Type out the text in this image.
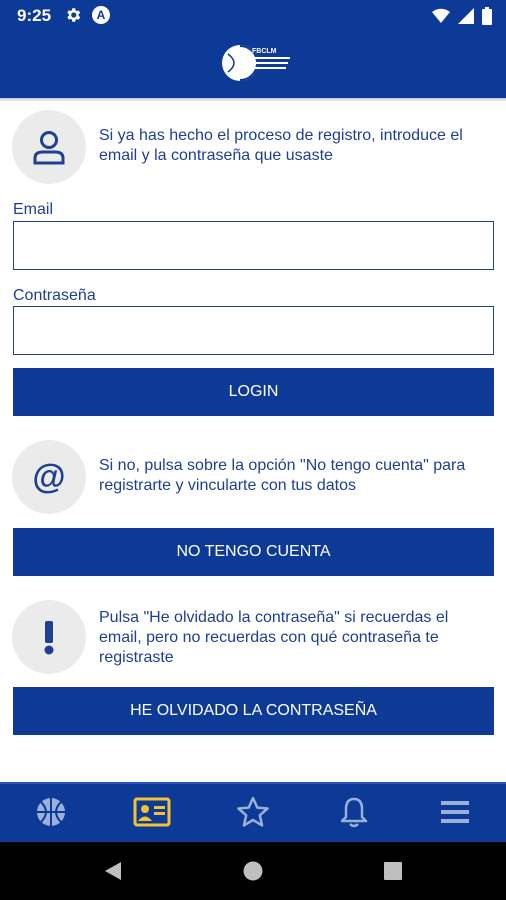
9:25	A
FBCLM

Si ya has hecho el proceso de registro, introduce el email y la contraseña que usaste

Email
Contraseña
LOGIN
@ Si no, pulsa sobre la opción "No tengo cuenta" para registrarte y vincularte con tus datos

NO TENGO CUENTA

Pulsa "He olvidado la contraseña" si recuerdas el email, pero no recuerdas con qué contraseña te registraste

HE OLVIDADO LA CONTRASEÑA
